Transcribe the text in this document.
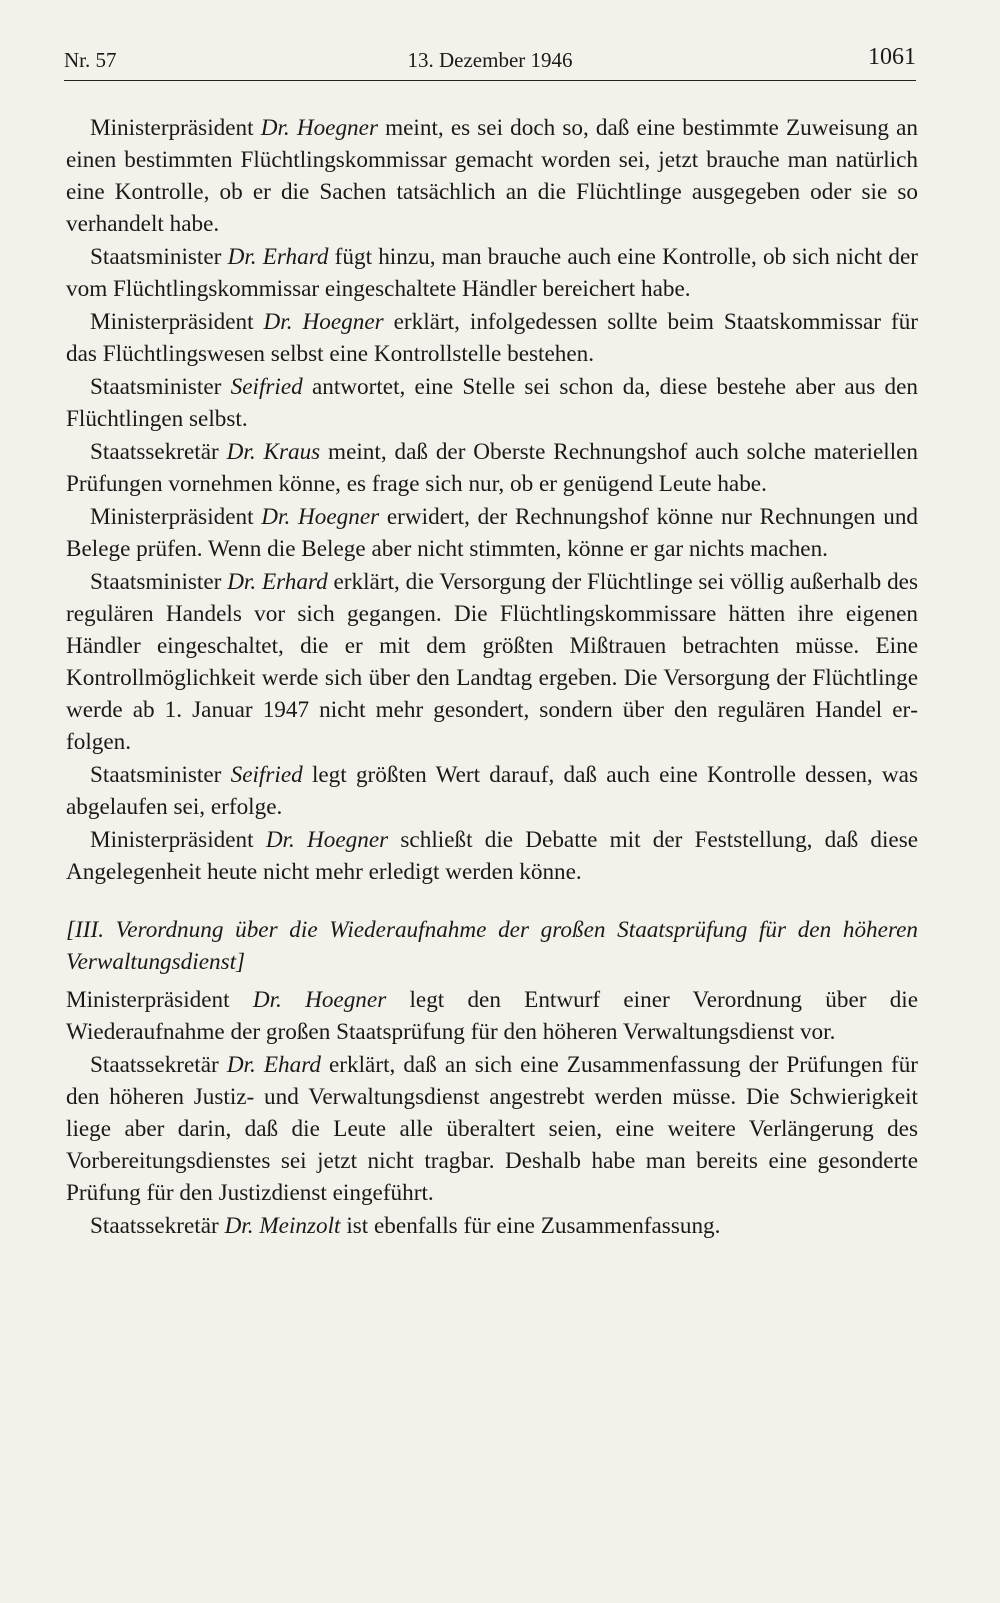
Nr. 57	13. Dezember 1946	1061

Ministerpräsident Dr. Hoegner meint, es sei doch so, daß eine bestimmte Zuweisung an einen bestimmten Flüchtlingskommissar gemacht worden sei, jetzt brauche man natürlich eine Kontrolle, ob er die Sachen tatsächlich an die Flüchtlinge ausgegeben oder sie so verhandelt habe.

Staatsminister Dr. Erhard fügt hinzu, man brauche auch eine Kontrolle, ob sich nicht der vom Flüchtlingskommissar eingeschaltete Händler bereichert habe.

Ministerpräsident Dr. Hoegner erklärt, infolgedessen sollte beim Staatskommissar für das Flüchtlingswesen selbst eine Kontrollstelle bestehen.

Staatsminister Seifried antwortet, eine Stelle sei schon da, diese bestehe aber aus den Flüchtlingen selbst.

Staatssekretär Dr. Kraus meint, daß der Oberste Rechnungshof auch solche materiellen Prüfungen vornehmen könne, es frage sich nur, ob er genügend Leute habe.

Ministerpräsident Dr. Hoegner erwidert, der Rechnungshof könne nur Rechnungen und Belege prüfen. Wenn die Belege aber nicht stimmten, könne er gar nichts machen.

Staatsminister Dr. Erhard erklärt, die Versorgung der Flüchtlinge sei völlig außerhalb des regulären Handels vor sich gegangen. Die Flüchtlingskommissare hätten ihre eigenen Händler eingeschaltet, die er mit dem größten Mißtrauen betrachten müsse. Eine Kontrollmöglichkeit werde sich über den Landtag ergeben. Die Versorgung der Flüchtlinge werde ab 1. Januar 1947 nicht mehr gesondert, sondern über den regulären Handel erfolgen.

Staatsminister Seifried legt größten Wert darauf, daß auch eine Kontrolle dessen, was abgelaufen sei, erfolge.

Ministerpräsident Dr. Hoegner schließt die Debatte mit der Feststellung, daß diese Angelegenheit heute nicht mehr erledigt werden könne.

[III. Verordnung über die Wiederaufnahme der großen Staatsprüfung für den höheren Verwaltungsdienst]

Ministerpräsident Dr. Hoegner legt den Entwurf einer Verordnung über die Wiederaufnahme der großen Staatsprüfung für den höheren Verwaltungsdienst vor.

Staatssekretär Dr. Ehard erklärt, daß an sich eine Zusammenfassung der Prüfungen für den höheren Justiz- und Verwaltungsdienst angestrebt werden müsse. Die Schwierigkeit liege aber darin, daß die Leute alle überaltert seien, eine weitere Verlängerung des Vorbereitungsdienstes sei jetzt nicht tragbar. Deshalb habe man bereits eine gesonderte Prüfung für den Justizdienst eingeführt.

Staatssekretär Dr. Meinzolt ist ebenfalls für eine Zusammenfassung.
